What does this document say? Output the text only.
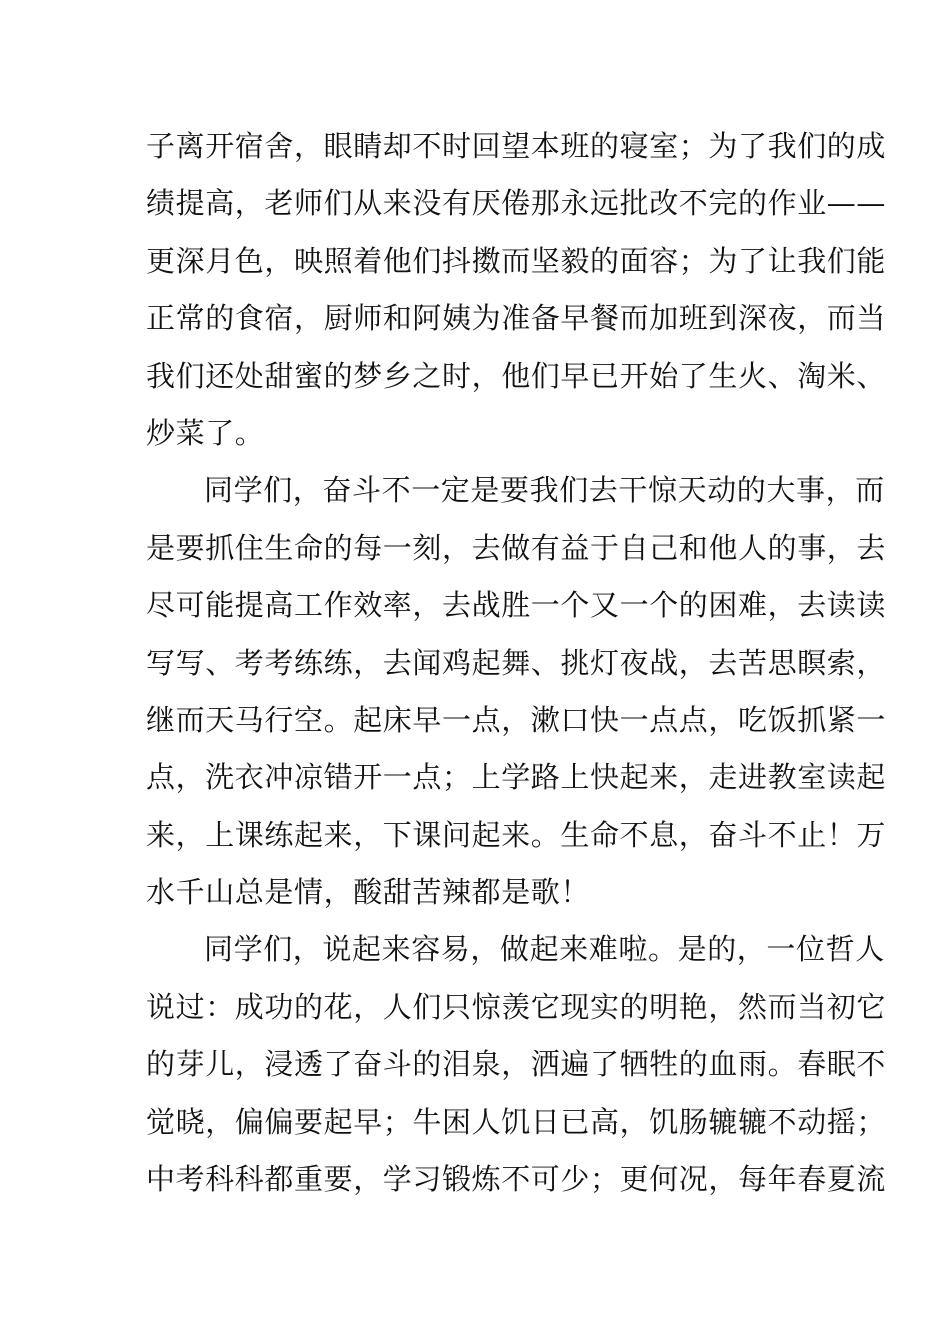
子离开宿舍，眼睛却不时回望本班的寝室；为了我们的成
绩提高，老师们从来没有厌倦那永远批改不完的作业——
更深月色，映照着他们抖擞而坚毅的面容；为了让我们能
正常的食宿，厨师和阿姨为准备早餐而加班到深夜，而当
我们还处甜蜜的梦乡之时，他们早已开始了生火、淘米、
炒菜了。
同学们，奋斗不一定是要我们去干惊天动的大事，而
是要抓住生命的每一刻，去做有益于自己和他人的事，去
尽可能提高工作效率，去战胜一个又一个的困难，去读读
写写、考考练练，去闻鸡起舞、挑灯夜战，去苦思瞑索，
继而天马行空。起床早一点，漱口快一点点，吃饭抓紧一
点，洗衣冲凉错开一点；上学路上快起来，走进教室读起
来，上课练起来，下课问起来。生命不息，奋斗不止！万
水千山总是情，酸甜苦辣都是歌！
同学们，说起来容易，做起来难啦。是的，一位哲人
说过：成功的花，人们只惊羡它现实的明艳，然而当初它
的芽儿，浸透了奋斗的泪泉，洒遍了牺牲的血雨。春眠不
觉晓，偏偏要起早；牛困人饥日已高，饥肠辘辘不动摇；
中考科科都重要，学习锻炼不可少；更何况，每年春夏流
